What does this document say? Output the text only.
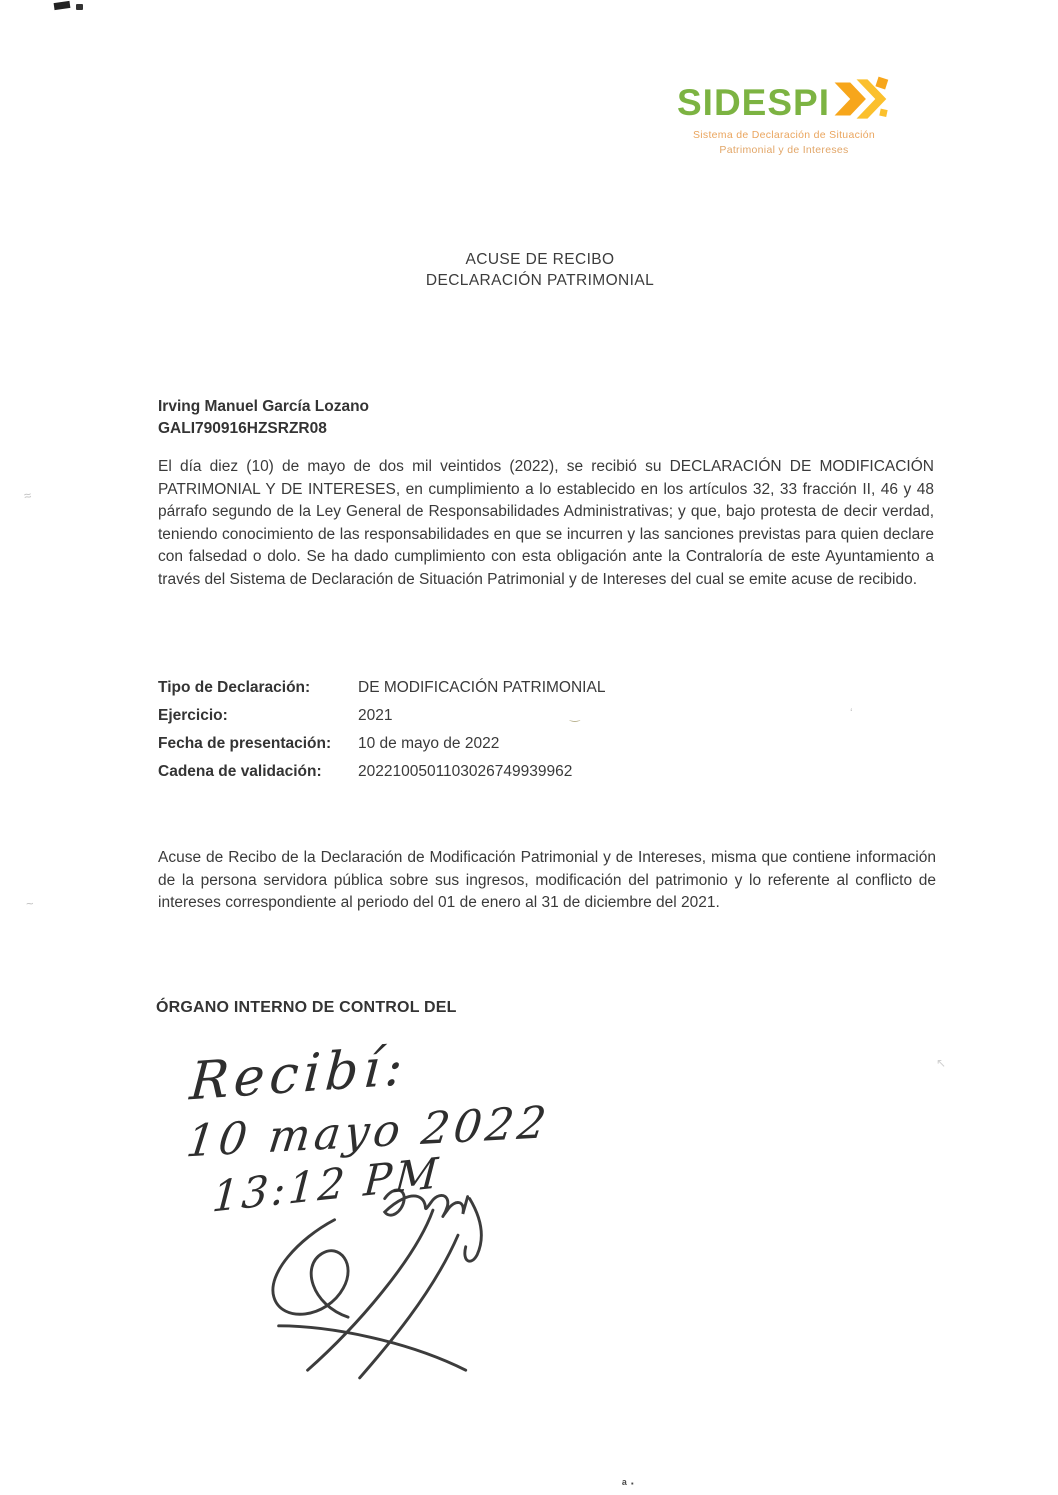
≈
~
‿	ʻ
↖
ᵃ ·
SIDESPI
Sistema de Declaración de Situación
Patrimonial y de Intereses
ACUSE DE RECIBO
DECLARACIÓN PATRIMONIAL
Irving Manuel García Lozano
GALI790916HZSRZR08
El día diez (10) de mayo de dos mil veintidos (2022), se recibió su DECLARACIÓN DE MODIFICACIÓN PATRIMONIAL Y DE INTERESES, en cumplimiento a lo establecido en los artículos 32, 33 fracción II, 46 y 48 párrafo segundo de la Ley General de Responsabilidades Administrativas; y que, bajo protesta de decir verdad, teniendo conocimiento de las responsabilidades en que se incurren y las sanciones previstas para quien declare con falsedad o dolo. Se ha dado cumplimiento con esta obligación ante la Contraloría de este Ayuntamiento a través del Sistema de Declaración de Situación Patrimonial y de Intereses del cual se emite acuse de recibido.
Tipo de Declaración:	DE MODIFICACIÓN PATRIMONIAL
Ejercicio:	2021
Fecha de presentación:	10 de mayo de 2022
Cadena de validación:	2022100501103026749939962
Acuse de Recibo de la Declaración de Modificación Patrimonial y de Intereses, misma que contiene información de la persona servidora pública sobre sus ingresos, modificación del patrimonio y lo referente al conflicto de intereses correspondiente al periodo del 01 de enero al 31 de diciembre del 2021.
ÓRGANO INTERNO DE CONTROL DEL
Recibí:
10 mayo 2022
13:12 PM
